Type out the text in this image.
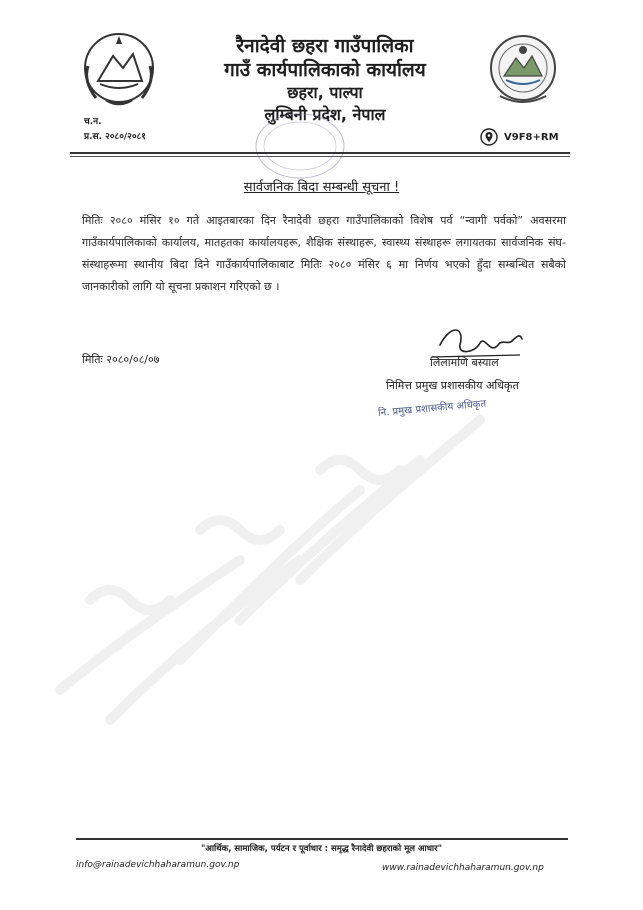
रैनादेवी छहरा गाउँपालिका
गाउँ कार्यपालिकाको कार्यालय
छहरा, पाल्पा
लुम्बिनी प्रदेश, नेपाल
च.न.
प्र.स. २०८०/२०८१	V9F8+RM
सार्वजनिक बिदा सम्बन्धी सूचना !
मितिः २०८० मंसिर १० गते आइतबारका दिन रैनादेवी छहरा गाउँपालिकाको विशेष पर्व “न्वागी पर्वको” अवसरमा गाउँकार्यपालिकाको कार्यालय, मातहतका कार्यालयहरू, शैक्षिक संस्थाहरू, स्वास्थ्य संस्थाहरू लगायतका सार्वजनिक संघ-संस्थाहरूमा स्थानीय बिदा दिने गाउँकार्यपालिकाबाट मितिः २०८० मंसिर ६ मा निर्णय भएको हुँदा सम्बन्धित सबैको जानकारीको लागि यो सूचना प्रकाशन गरिएको छ ।
मितिः २०८०/०८/०७	लिलामणि बस्याल
निमित्त प्रमुख प्रशासकीय अधिकृत
नि. प्रमुख प्रशासकीय अधिकृत
"आर्थिक, सामाजिक, पर्यटन र पूर्वाधार : समृद्ध रैनादेवी छहराको मूल आधार"
info@rainadevichhaharamun.gov.np	www.rainadevichhaharamun.gov.np
